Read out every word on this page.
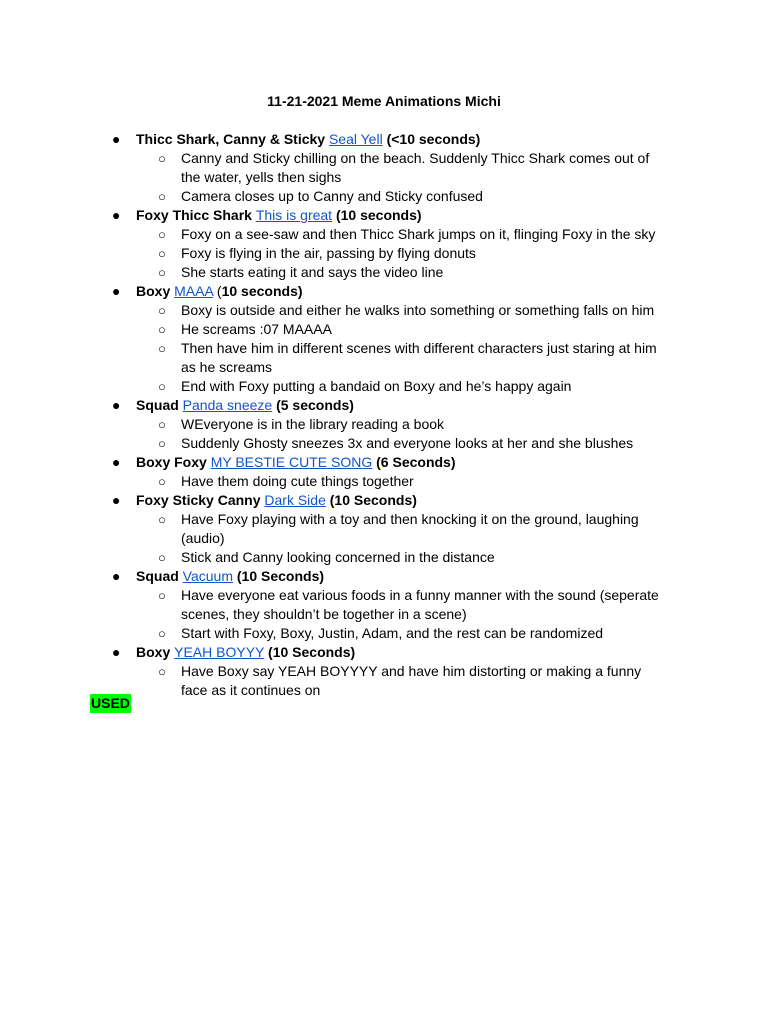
11-21-2021 Meme Animations Michi
● Thicc Shark, Canny & Sticky Seal Yell (<10 seconds)
○ Canny and Sticky chilling on the beach. Suddenly Thicc Shark comes out of the water, yells then sighs
○ Camera closes up to Canny and Sticky confused
● Foxy Thicc Shark This is great (10 seconds)
○ Foxy on a see-saw and then Thicc Shark jumps on it, flinging Foxy in the sky
○ Foxy is flying in the air, passing by flying donuts
○ She starts eating it and says the video line
● Boxy MAAA (10 seconds)
○ Boxy is outside and either he walks into something or something falls on him
○ He screams :07 MAAAA
○ Then have him in different scenes with different characters just staring at him as he screams
○ End with Foxy putting a bandaid on Boxy and he’s happy again
● Squad Panda sneeze (5 seconds)
○ WEveryone is in the library reading a book
○ Suddenly Ghosty sneezes 3x and everyone looks at her and she blushes
● Boxy Foxy MY BESTIE CUTE SONG (6 Seconds)
○ Have them doing cute things together
● Foxy Sticky Canny Dark Side (10 Seconds)
○ Have Foxy playing with a toy and then knocking it on the ground, laughing (audio)
○ Stick and Canny looking concerned in the distance
● Squad Vacuum (10 Seconds)
○ Have everyone eat various foods in a funny manner with the sound (seperate scenes, they shouldn’t be together in a scene)
○ Start with Foxy, Boxy, Justin, Adam, and the rest can be randomized
● Boxy YEAH BOYYY (10 Seconds)
○ Have Boxy say YEAH BOYYYY and have him distorting or making a funny face as it continues on
USED
